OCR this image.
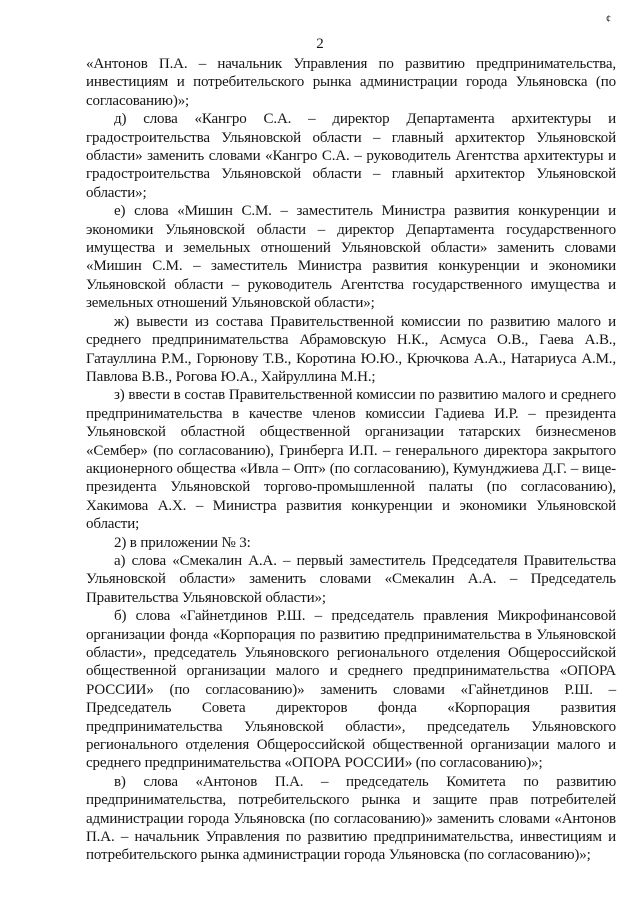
¢
2

«Антонов П.А. – начальник Управления по развитию предпринимательства, инвестициям и потребительского рынка администрации города Ульяновска (по согласованию)»;

д) слова «Кангро С.А. – директор Департамента архитектуры и градостроительства Ульяновской области – главный архитектор Ульяновской области» заменить словами «Кангро С.А. – руководитель Агентства архитектуры и градостроительства Ульяновской области – главный архитектор Ульяновской области»;

е) слова «Мишин С.М. – заместитель Министра развития конкуренции и экономики Ульяновской области – директор Департамента государственного имущества и земельных отношений Ульяновской области» заменить словами «Мишин С.М. – заместитель Министра развития конкуренции и экономики Ульяновской области – руководитель Агентства государственного имущества и земельных отношений Ульяновской области»;

ж) вывести из состава Правительственной комиссии по развитию малого и среднего предпринимательства Абрамовскую Н.К., Асмуса О.В., Гаева А.В., Гатауллина Р.М., Горюнову Т.В., Коротина Ю.Ю., Крючкова А.А., Натариуса А.М., Павлова В.В., Рогова Ю.А., Хайруллина М.Н.;

з) ввести в состав Правительственной комиссии по развитию малого и среднего предпринимательства в качестве членов комиссии Гадиева И.Р. – президента Ульяновской областной общественной организации татарских бизнесменов «Сембер» (по согласованию), Гринберга И.П. – генерального директора закрытого акционерного общества «Ивла – Опт» (по согласованию), Кумунджиева Д.Г. – вице-президента Ульяновской торгово-промышленной палаты (по согласованию), Хакимова А.Х. – Министра развития конкуренции и экономики Ульяновской области;

2) в приложении № 3:

а) слова «Смекалин А.А. – первый заместитель Председателя Правительства Ульяновской области» заменить словами «Смекалин А.А. – Председатель Правительства Ульяновской области»;

б) слова «Гайнетдинов Р.Ш. – председатель правления Микрофинансовой организации фонда «Корпорация по развитию предпринимательства в Ульяновской области», председатель Ульяновского регионального отделения Общероссийской общественной организации малого и среднего предпринимательства «ОПОРА РОССИИ» (по согласованию)» заменить словами «Гайнетдинов Р.Ш. – Председатель Совета директоров фонда «Корпорация развития предпринимательства Ульяновской области», председатель Ульяновского регионального отделения Общероссийской общественной организации малого и среднего предпринимательства «ОПОРА РОССИИ» (по согласованию)»;

в) слова «Антонов П.А. – председатель Комитета по развитию предпринимательства, потребительского рынка и защите прав потребителей администрации города Ульяновска (по согласованию)» заменить словами «Антонов П.А. – начальник Управления по развитию предпринимательства, инвестициям и потребительского рынка администрации города Ульяновска (по согласованию)»;
